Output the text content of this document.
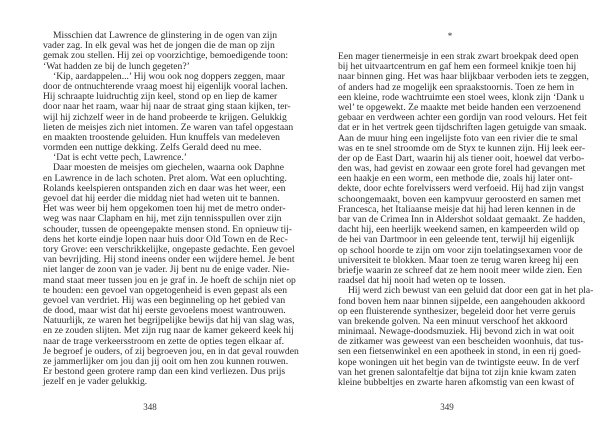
Misschien dat Lawrence de glinstering in de ogen van zijn
vader zag. In elk geval was het de jongen die de man op zijn
gemak zou stellen. Hij zei op voorzichtige, bemoedigende toon:
‘Wat hadden ze bij de lunch gegeten?’
‘Kip, aardappelen...’ Hij wou ook nog doppers zeggen, maar
door de ontnuchterende vraag moest hij eigenlijk vooral lachen.
Hij schraapte luidruchtig zijn keel, stond op en liep de kamer
door naar het raam, waar hij naar de straat ging staan kijken, ter-
wijl hij zichzelf weer in de hand probeerde te krijgen. Gelukkig
lieten de meisjes zich niet intomen. Ze waren van tafel opgestaan
en maakten troostende geluiden. Hun knuffels van medeleven
vormden een nuttige dekking. Zelfs Gerald deed nu mee.
‘Dat is echt vette pech, Lawrence.’
Daar moesten de meisjes om giechelen, waarna ook Daphne
en Lawrence in de lach schoten. Pret alom. Wat een opluchting.
Rolands keelspieren ontspanden zich en daar was het weer, een
gevoel dat hij eerder die middag niet had weten uit te bannen.
Het was weer bij hem opgekomen toen hij met de metro onder-
weg was naar Clapham en hij, met zijn tennisspullen over zijn
schouder, tussen de opeengepakte mensen stond. En opnieuw tij-
dens het korte eindje lopen naar huis door Old Town en de Rec-
tory Grove: een verschrikkelijke, ongepaste gedachte. Een gevoel
van bevrijding. Hij stond ineens onder een wijdere hemel. Je bent
niet langer de zoon van je vader. Jij bent nu de enige vader. Nie-
mand staat meer tussen jou en je graf in. Je hoeft de schijn niet op
te houden: een gevoel van opgetogenheid is even gepast als een
gevoel van verdriet. Hij was een beginneling op het gebied van
de dood, maar wist dat hij eerste gevoelens moest wantrouwen.
Natuurlijk, ze waren het begrijpelijke bewijs dat hij van slag was,
en ze zouden slijten. Met zijn rug naar de kamer gekeerd keek hij
naar de trage verkeersstroom en zette de opties tegen elkaar af.
Je begroef je ouders, of zij begroeven jou, en in dat geval rouwden
ze jammerlijker om jou dan jij ooit om hen zou kunnen rouwen.
Er bestond geen grotere ramp dan een kind verliezen. Dus prijs
jezelf en je vader gelukkig.
348
*
Een mager tienermeisje in een strak zwart broekpak deed open
bij het uitvaartcentrum en gaf hem een formeel knikje toen hij
naar binnen ging. Het was haar blijkbaar verboden iets te zeggen,
of anders had ze mogelijk een spraakstoornis. Toen ze hem in
een kleine, rode wachtruimte een stoel wees, klonk zijn ‘Dank u
wel’ te opgewekt. Ze maakte met beide handen een verzoenend
gebaar en verdween achter een gordijn van rood velours. Het feit
dat er in het vertrek geen tijdschriften lagen getuigde van smaak.
Aan de muur hing een ingelijste foto van een rivier die te smal
was en te snel stroomde om de Styx te kunnen zijn. Hij leek eer-
der op de East Dart, waarin hij als tiener ooit, hoewel dat verbo-
den was, had gevist en zowaar een grote forel had gevangen met
een haakje en een worm, een methode die, zoals hij later ont-
dekte, door echte forelvissers werd verfoeid. Hij had zijn vangst
schoongemaakt, boven een kampvuur geroosterd en samen met
Francesca, het Italiaanse meisje dat hij had leren kennen in de
bar van de Crimea Inn in Aldershot soldaat gemaakt. Ze hadden,
dacht hij, een heerlijk weekend samen, en kampeerden wild op
de hei van Dartmoor in een geleende tent, terwijl hij eigenlijk
op school hoorde te zijn om voor zijn toelatingsexamen voor de
universiteit te blokken. Maar toen ze terug waren kreeg hij een
briefje waarin ze schreef dat ze hem nooit meer wilde zien. Een
raadsel dat hij nooit had weten op te lossen.
Hij werd zich bewust van een geluid dat door een gat in het pla-
fond boven hem naar binnen sijpelde, een aangehouden akkoord
op een fluisterende synthesizer, begeleid door het verre geruis
van brekende golven. Na een minuut verschoof het akkoord
minimaal. Newage-doodsmuziek. Hij bevond zich in wat ooit
de zitkamer was geweest van een bescheiden woonhuis, dat tus-
sen een fietsenwinkel en een apotheek in stond, in een rij goed-
kope woningen uit het begin van de twintigste eeuw. In de verf
van het grenen salontafeltje dat bijna tot zijn knie kwam zaten
kleine bubbeltjes en zwarte haren afkomstig van een kwast of
349
